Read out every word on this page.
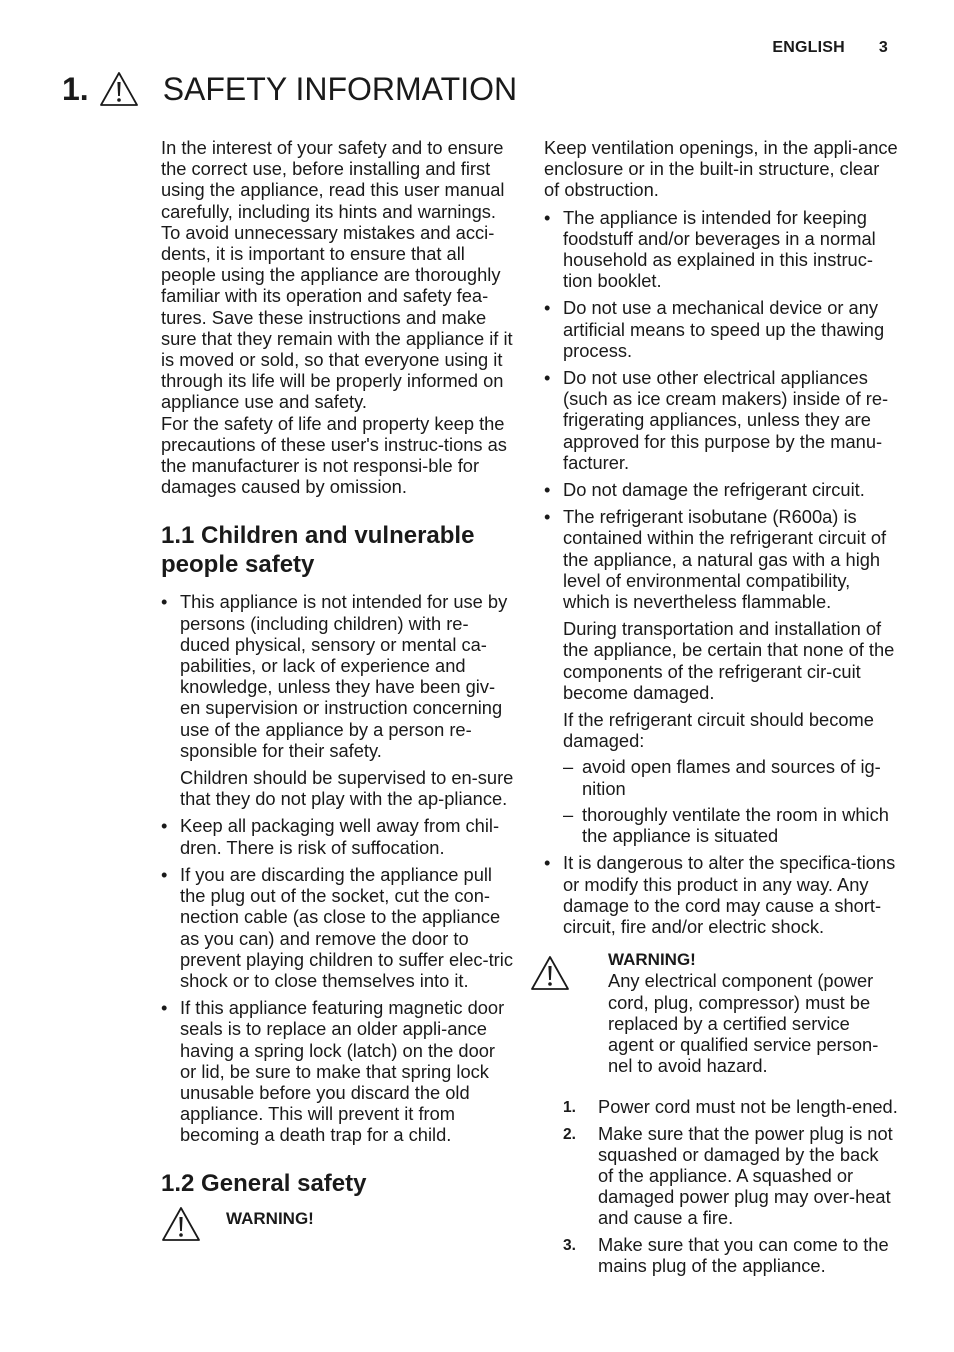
ENGLISH 3
1. SAFETY INFORMATION

In the interest of your safety and to ensure the correct use, before installing and first using the appliance, read this user manual carefully, including its hints and warnings. To avoid unnecessary mistakes and acci-dents, it is important to ensure that all people using the appliance are thoroughly familiar with its operation and safety fea-tures. Save these instructions and make sure that they remain with the appliance if it is moved or sold, so that everyone using it through its life will be properly informed on appliance use and safety.

For the safety of life and property keep the precautions of these user's instruc-tions as the manufacturer is not responsi-ble for damages caused by omission.

1.1 Children and vulnerable people safety

• This appliance is not intended for use by persons (including children) with re-duced physical, sensory or mental ca-pabilities, or lack of experience and knowledge, unless they have been giv-en supervision or instruction concerning use of the appliance by a person re-sponsible for their safety.

Children should be supervised to en-sure that they do not play with the ap-pliance.

• Keep all packaging well away from chil-dren. There is risk of suffocation.

• If you are discarding the appliance pull the plug out of the socket, cut the con-nection cable (as close to the appliance as you can) and remove the door to prevent playing children to suffer elec-tric shock or to close themselves into it.

• If this appliance featuring magnetic door seals is to replace an older appli-ance having a spring lock (latch) on the door or lid, be sure to make that spring lock unusable before you discard the old appliance. This will prevent it from becoming a death trap for a child.

1.2 General safety
WARNING!

Keep ventilation openings, in the appli-ance enclosure or in the built-in structure, clear of obstruction.

• The appliance is intended for keeping foodstuff and/or beverages in a normal household as explained in this instruc-tion booklet.

• Do not use a mechanical device or any artificial means to speed up the thawing process.

• Do not use other electrical appliances (such as ice cream makers) inside of re-frigerating appliances, unless they are approved for this purpose by the manu-facturer.

• Do not damage the refrigerant circuit.

• The refrigerant isobutane (R600a) is contained within the refrigerant circuit of the appliance, a natural gas with a high level of environmental compatibility, which is nevertheless flammable.

During transportation and installation of the appliance, be certain that none of the components of the refrigerant cir-cuit become damaged.

If the refrigerant circuit should become damaged:

– avoid open flames and sources of ig-nition
– thoroughly ventilate the room in which the appliance is situated

• It is dangerous to alter the specifica-tions or modify this product in any way. Any damage to the cord may cause a short-circuit, fire and/or electric shock.

WARNING!

Any electrical component (power cord, plug, compressor) must be replaced by a certified service agent or qualified service person-nel to avoid hazard.

1. Power cord must not be length-ened.

2. Make sure that the power plug is not squashed or damaged by the back of the appliance. A squashed or damaged power plug may over-heat and cause a fire.

3. Make sure that you can come to the mains plug of the appliance.
